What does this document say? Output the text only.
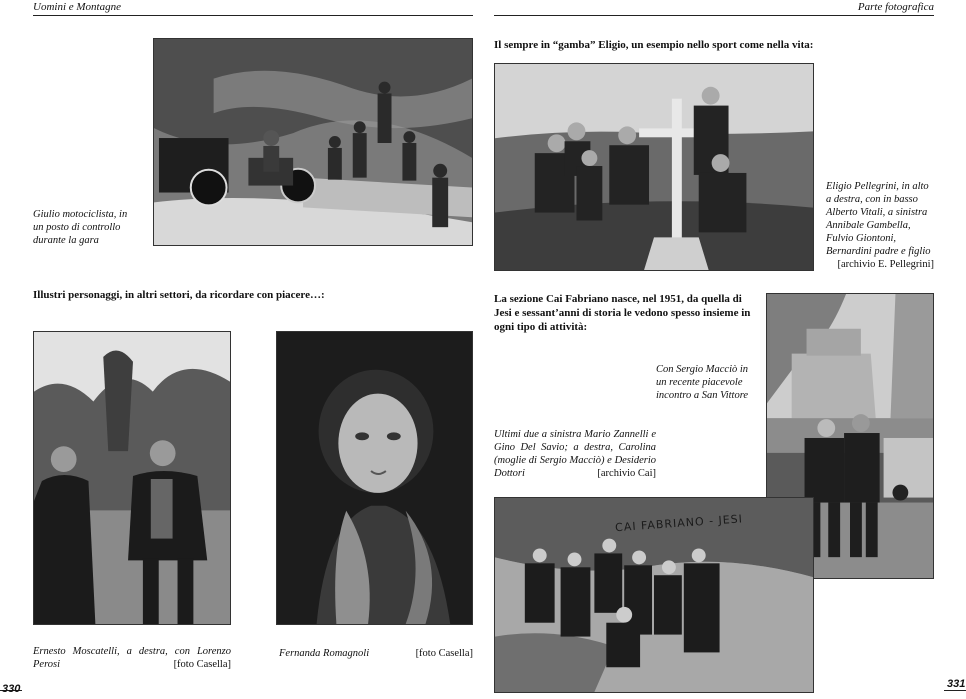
Uomini e Montagne	Parte fotografica
Giulio motociclista, in un posto di controllo durante la gara
Illustri personaggi, in altri settori, da ricordare con piacere…:
Ernesto Moscatelli, a destra, con Lorenzo Perosi	[foto Casella]
Fernanda Romagnoli	[foto Casella]
330
Il sempre in “gamba” Eligio, un esempio nello sport come nella vita:
Eligio Pellegrini, in alto a destra, con in basso Alberto Vitali, a sinistra Annibale Gambella, Fulvio Giontoni, Bernardini padre e figlio
[archivio E. Pellegrini]
La sezione Cai Fabriano nasce, nel 1951, da quella di Jesi e sessant’anni di storia le vedono spesso insieme in ogni tipo di attività:
Con Sergio Macciò in un recente piacevole incontro a San Vittore
Ultimi due a sinistra Mario Zannelli e Gino Del Savio; a destra, Carolina (moglie di Sergio Macciò) e Desiderio Dottori	[archivio Cai]
CAI FABRIANO - JESI
331
